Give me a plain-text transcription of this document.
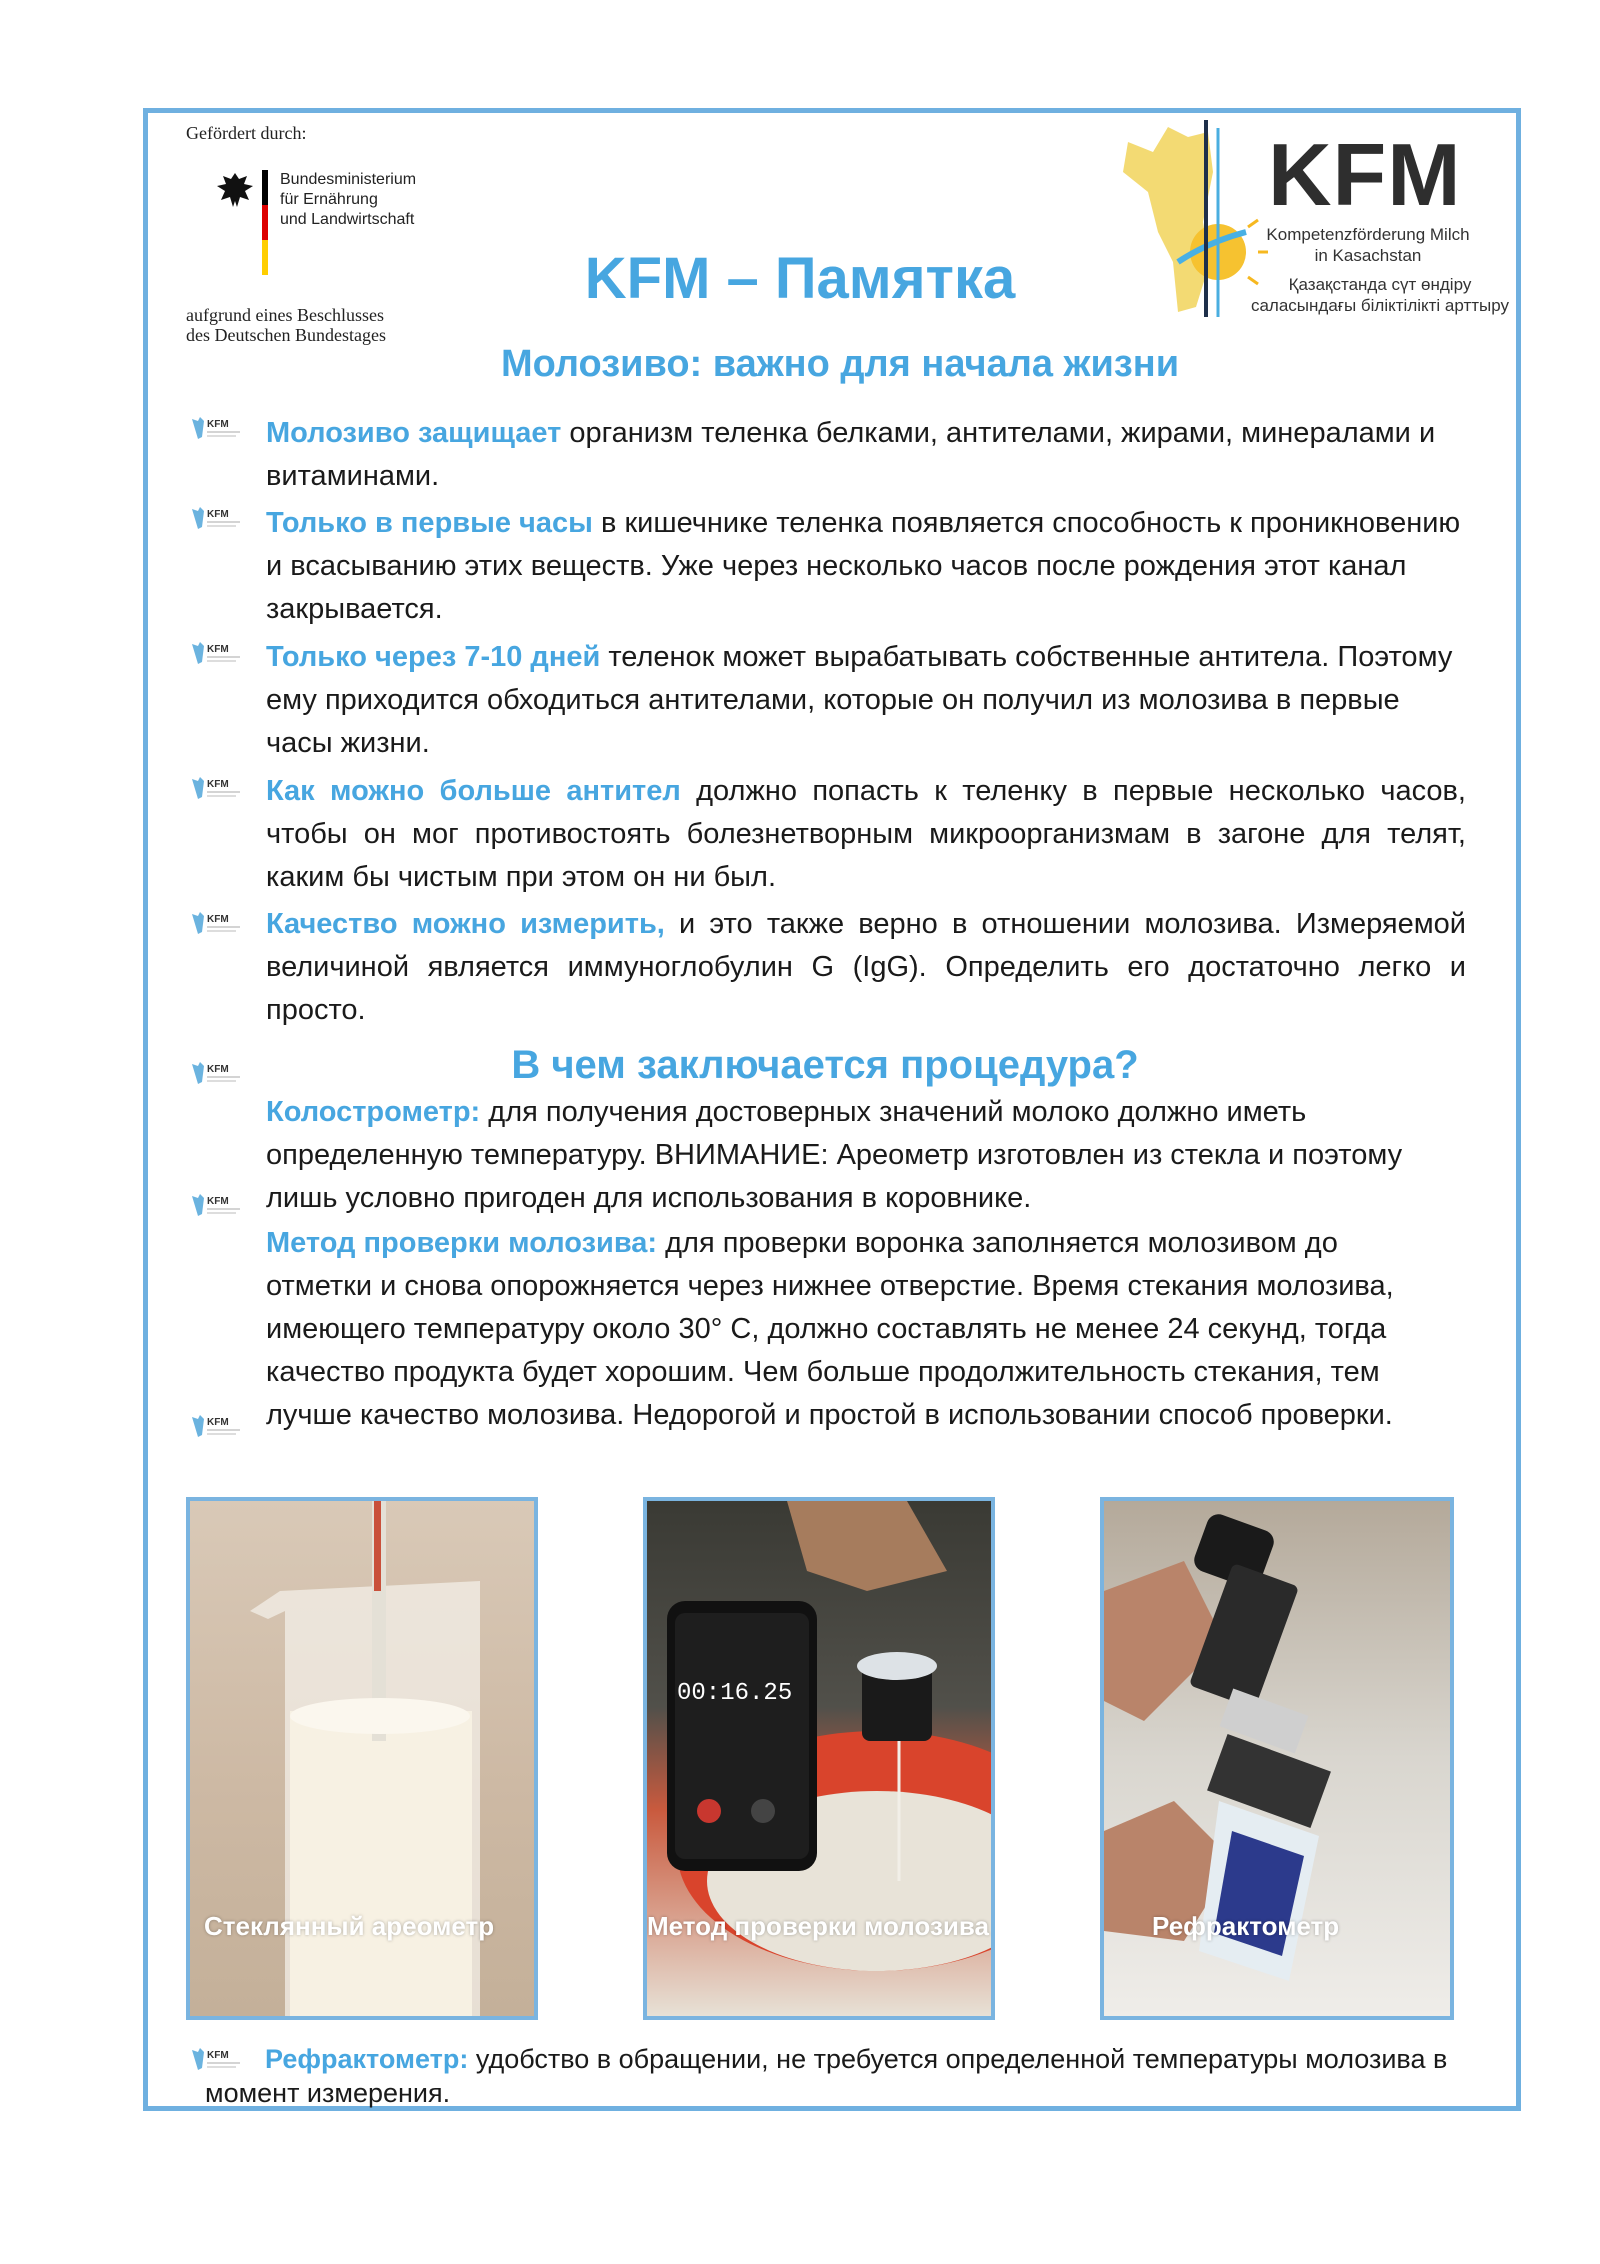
Gefördert durch:
Bundesministerium
für Ernährung
und Landwirtschaft
aufgrund eines Beschlusses
des Deutschen Bundestages
KFM
Kompetenzförderung Milch
in Kasachstan
Қазақстанда сүт өндіру
саласындағы біліктілікті арттыру
KFM – Памятка
Молозиво: важно для начала жизни
KFM
KFM
KFM
KFM
KFM
KFM
KFM
KFM
KFM
Молозиво защищает организм теленка белками, антителами, жирами, минералами и витаминами.
Только в первые часы в кишечнике теленка появляется способность к проникновению и всасыванию этих веществ. Уже через несколько часов после рождения этот канал закрывается.
Только через 7-10 дней теленок может вырабатывать собственные антитела. Поэтому ему приходится обходиться антителами, которые он получил из молозива в первые часы жизни.
Как можно больше антител должно попасть к теленку в первые несколько часов, чтобы он мог противостоять болезнетворным микроорганизмам в загоне для телят, каким бы чистым при этом он ни был.
Качество можно измерить, и это также верно в отношении молозива. Измеряемой величиной является иммуноглобулин G (IgG). Определить его достаточно легко и просто.
В чем заключается процедура?
Колострометр: для получения достоверных значений молоко должно иметь определенную температуру. ВНИМАНИЕ: Ареометр изготовлен из стекла и поэтому лишь условно пригоден для использования в коровнике.
Метод проверки молозива: для проверки воронка заполняется молозивом до отметки и снова опорожняется через нижнее отверстие. Время стекания молозива, имеющего температуру около 30° С, должно составлять не менее 24 секунд, тогда качество продукта будет хорошим. Чем больше продолжительность стекания, тем лучше качество молозива. Недорогой и простой в использовании способ проверки.
Стеклянный ареометр
00:16.25
Метод проверки молозива	Рефрактометр
Рефрактометр: удобство в обращении, не требуется определенной температуры молозива в момент измерения.
